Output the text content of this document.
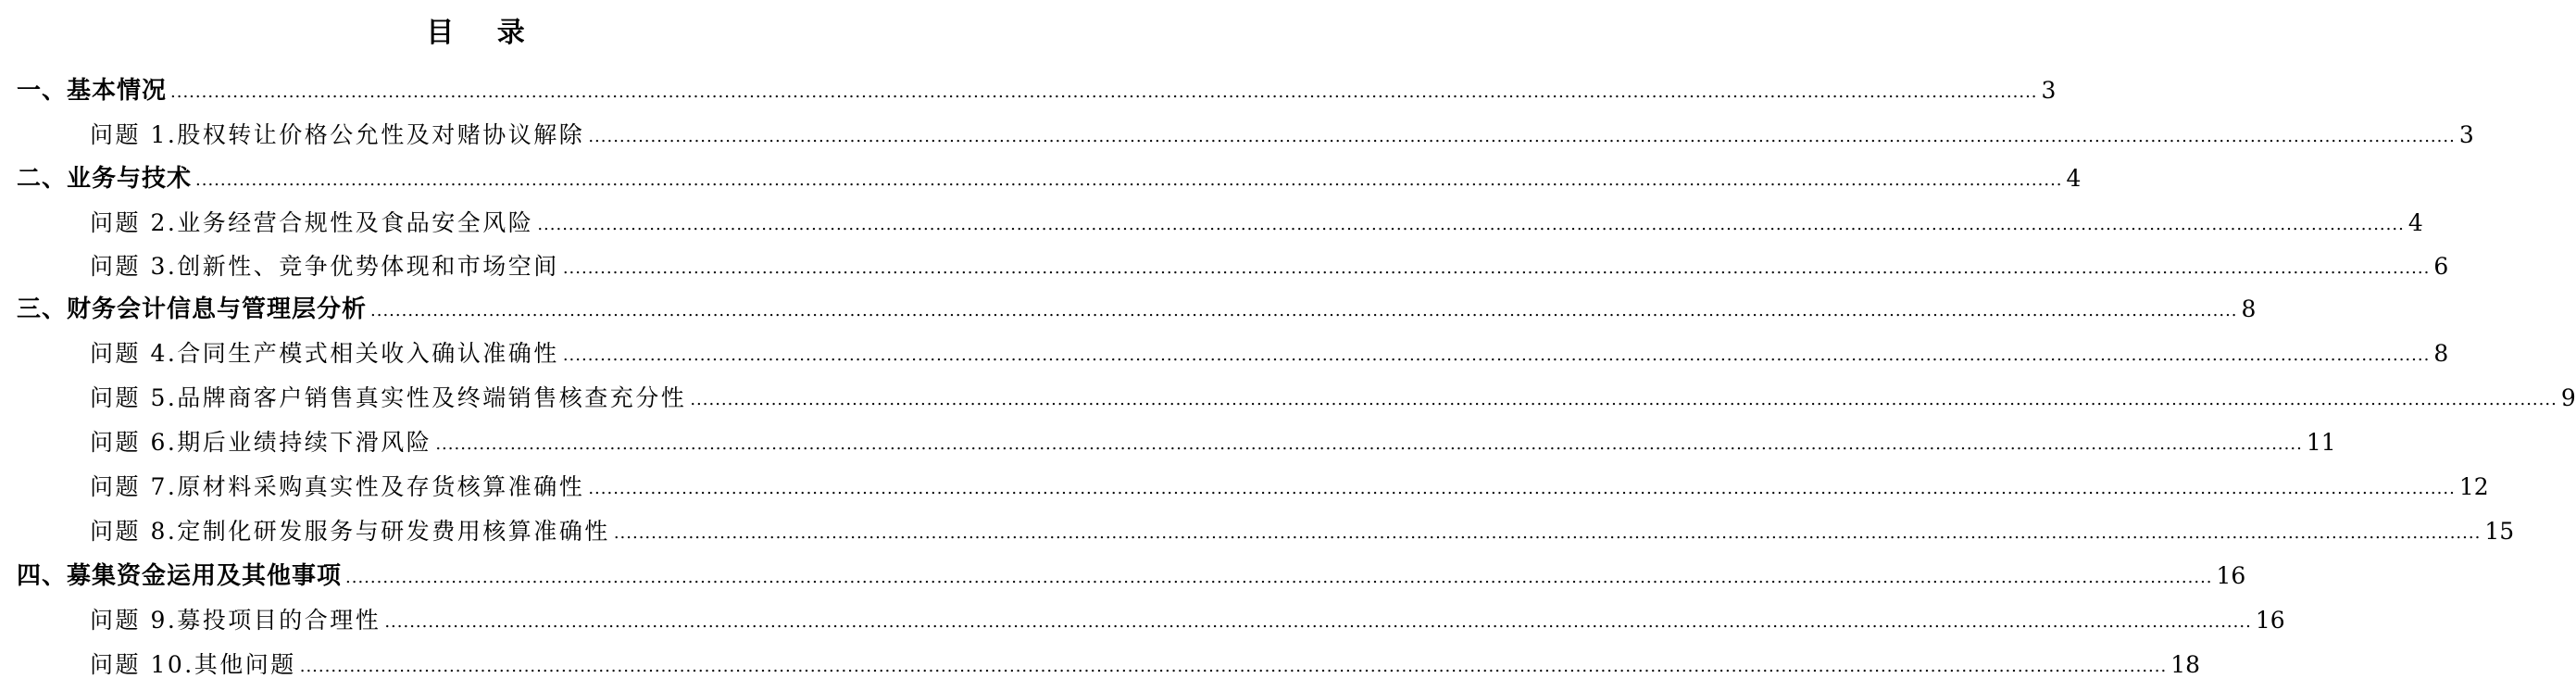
目 录
一、基本情况 ............................................................................................................................................................................................................................................................................................................ 3
问题 1.股权转让价格公允性及对赌协议解除 ............................................................................................................................................................................................................................................................................................................ 3
二、业务与技术 ............................................................................................................................................................................................................................................................................................................ 4
问题 2.业务经营合规性及食品安全风险 ............................................................................................................................................................................................................................................................................................................ 4
问题 3.创新性、竞争优势体现和市场空间 ............................................................................................................................................................................................................................................................................................................ 6
三、财务会计信息与管理层分析 ............................................................................................................................................................................................................................................................................................................ 8
问题 4.合同生产模式相关收入确认准确性 ............................................................................................................................................................................................................................................................................................................ 8
问题 5.品牌商客户销售真实性及终端销售核查充分性 ............................................................................................................................................................................................................................................................................................................ 9
问题 6.期后业绩持续下滑风险 ............................................................................................................................................................................................................................................................................................................ 11
问题 7.原材料采购真实性及存货核算准确性 ............................................................................................................................................................................................................................................................................................................ 12
问题 8.定制化研发服务与研发费用核算准确性 ............................................................................................................................................................................................................................................................................................................ 15
四、募集资金运用及其他事项 ............................................................................................................................................................................................................................................................................................................ 16
问题 9.募投项目的合理性 ............................................................................................................................................................................................................................................................................................................ 16
问题 10.其他问题 ............................................................................................................................................................................................................................................................................................................ 18
